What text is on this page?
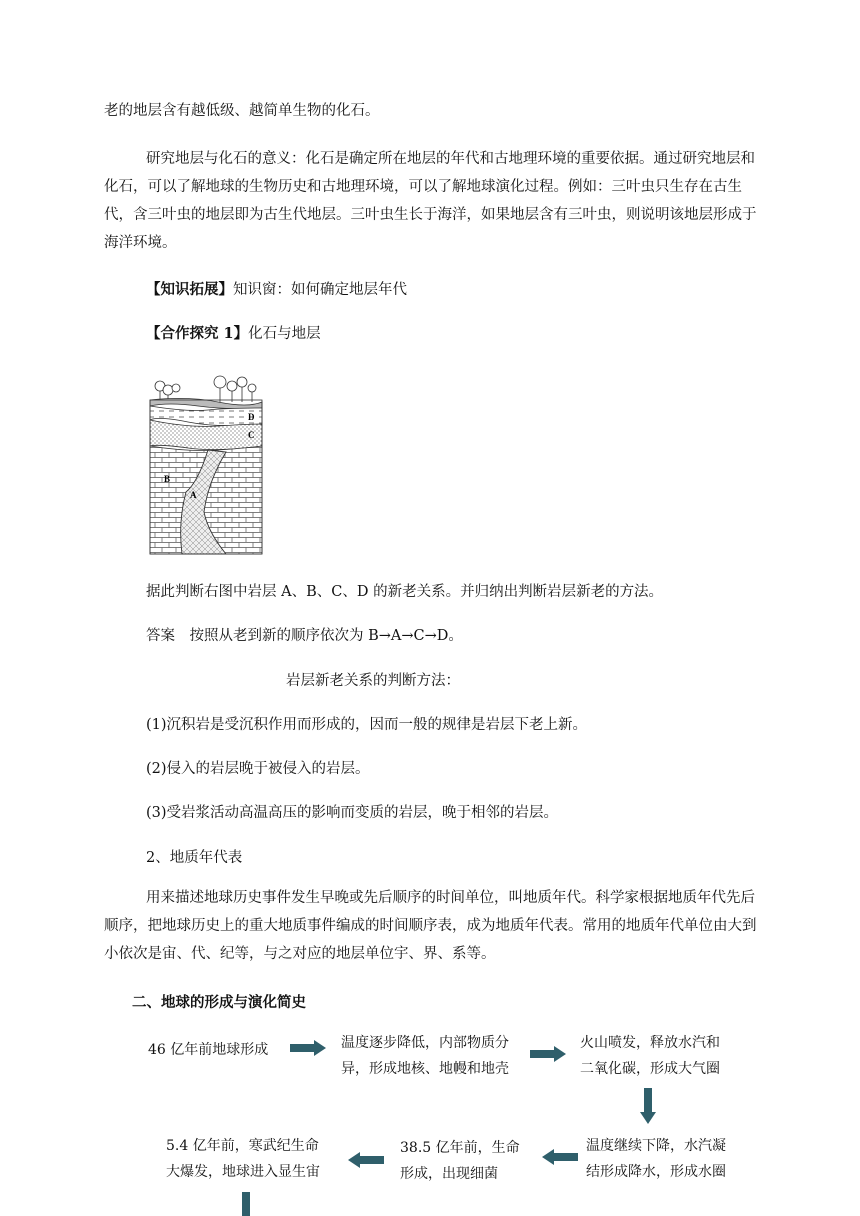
老的地层含有越低级、越简单生物的化石。
研究地层与化石的意义：化石是确定所在地层的年代和古地理环境的重要依据。通过研究地层和化石，可以了解地球的生物历史和古地理环境，可以了解地球演化过程。例如：三叶虫只生存在古生代，含三叶虫的地层即为古生代地层。三叶虫生长于海洋，如果地层含有三叶虫，则说明该地层形成于海洋环境。
【知识拓展】知识窗：如何确定地层年代
【合作探究 1】化石与地层
D
C
B
A
据此判断右图中岩层 A、B、C、D 的新老关系。并归纳出判断岩层新老的方法。
答案　按照从老到新的顺序依次为 B→A→C→D。
岩层新老关系的判断方法：
(1)沉积岩是受沉积作用而形成的，因而一般的规律是岩层下老上新。
(2)侵入的岩层晚于被侵入的岩层。
(3)受岩浆活动高温高压的影响而变质的岩层，晚于相邻的岩层。
2、地质年代表
用来描述地球历史事件发生早晚或先后顺序的时间单位，叫地质年代。科学家根据地质年代先后顺序，把地球历史上的重大地质事件编成的时间顺序表，成为地质年代表。常用的地质年代单位由大到小依次是宙、代、纪等，与之对应的地层单位宇、界、系等。
二、地球的形成与演化简史
46 亿年前地球形成	温度逐步降低，内部物质分
异，形成地核、地幔和地壳
火山喷发，释放水汽和
二氧化碳，形成大气圈
温度继续下降，水汽凝
结形成降水，形成水圈
38.5 亿年前，生命
形成，出现细菌
5.4 亿年前，寒武纪生命
大爆发，地球进入显生宙
